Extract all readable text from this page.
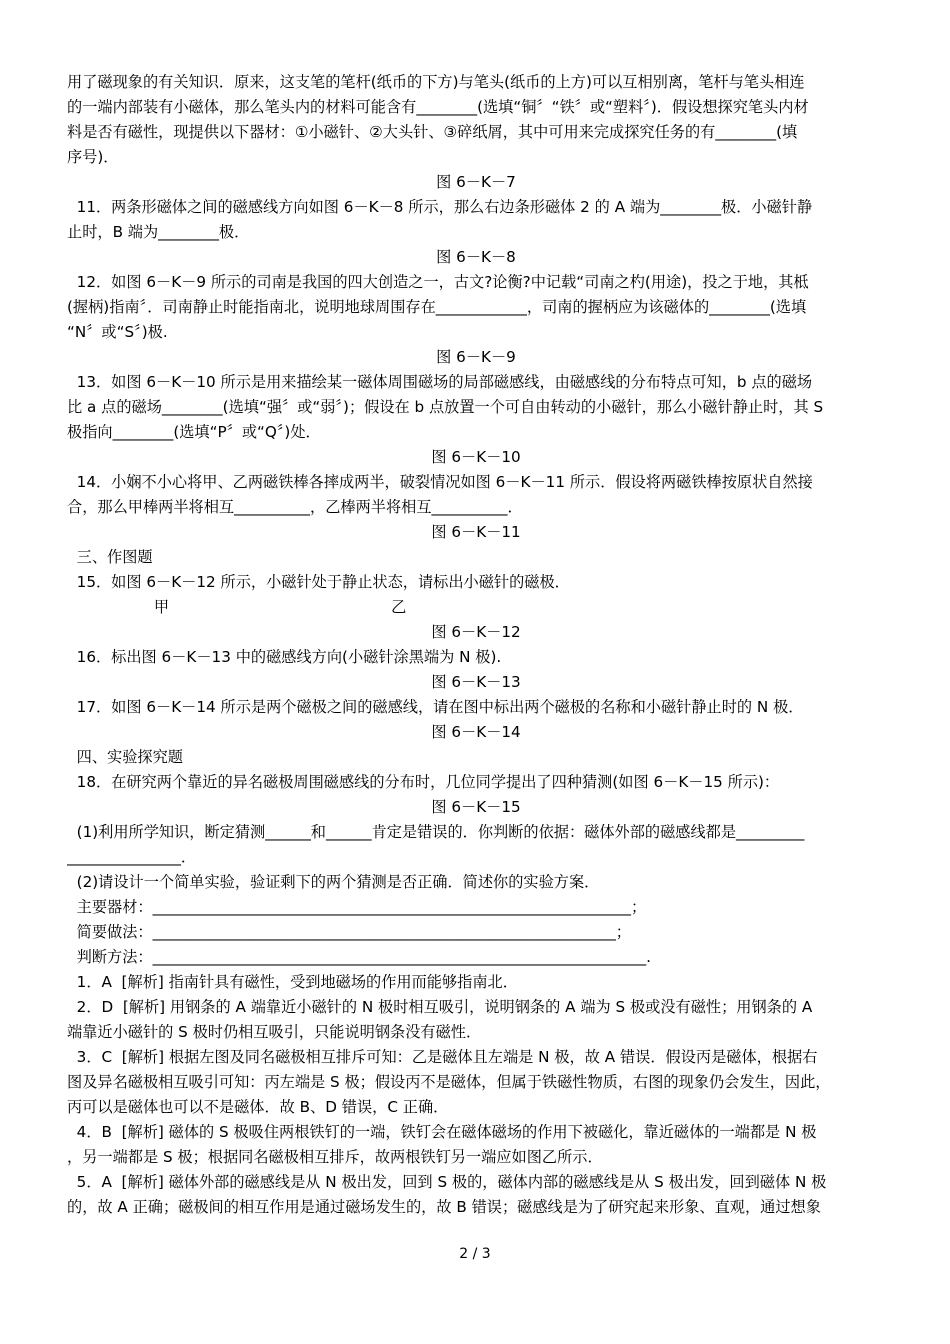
用了磁现象的有关知识．原来，这支笔的笔杆(纸币的下方)与笔头(纸币的上方)可以互相别离，笔杆与笔头相连
的一端内部装有小磁体，那么笔头内的材料可能含有________(选填“铜〞“铁〞或“塑料〞)．假设想探究笔头内材
料是否有磁性，现提供以下器材：①小磁针、②大头针、③碎纸屑，其中可用来完成探究任务的有________(填
序号)．
图 6－K－7
11．两条形磁体之间的磁感线方向如图 6－K－8 所示，那么右边条形磁体 2 的 A 端为________极．小磁针静
止时，B 端为________极．
图 6－K－8
12．如图 6－K－9 所示的司南是我国的四大创造之一，古文?论衡?中记载“司南之杓(用途)，投之于地，其柢
(握柄)指南〞．司南静止时能指南北，说明地球周围存在____________，司南的握柄应为该磁体的________(选填
“N〞或“S〞)极.
图 6－K－9
13．如图 6－K－10 所示是用来描绘某一磁体周围磁场的局部磁感线，由磁感线的分布特点可知，b 点的磁场
比 a 点的磁场________(选填“强〞或“弱〞)；假设在 b 点放置一个可自由转动的小磁针，那么小磁针静止时，其 S
极指向________(选填“P〞或“Q〞)处．
图 6－K－10
14．小娴不小心将甲、乙两磁铁棒各摔成两半，破裂情况如图 6－K－11 所示．假设将两磁铁棒按原状自然接
合，那么甲棒两半将相互__________，乙棒两半将相互__________．
图 6－K－11
三、作图题
15．如图 6－K－12 所示，小磁针处于静止状态，请标出小磁针的磁极．
甲                                              乙
图 6－K－12
16．标出图 6－K－13 中的磁感线方向(小磁针涂黑端为 N 极).
图 6－K－13
17．如图 6－K－14 所示是两个磁极之间的磁感线，请在图中标出两个磁极的名称和小磁针静止时的 N 极．
图 6－K－14
四、实验探究题
18．在研究两个靠近的异名磁极周围磁感线的分布时，几位同学提出了四种猜测(如图 6－K－15 所示)：
图 6－K－15
(1)利用所学知识，断定猜测______和______肯定是错误的．你判断的依据：磁体外部的磁感线都是_________
_______________．
(2)请设计一个简单实验，验证剩下的两个猜测是否正确．简述你的实验方案．
主要器材：_______________________________________________________________；
简要做法：_____________________________________________________________；
判断方法：_________________________________________________________________.
1．A  [解析] 指南针具有磁性，受到地磁场的作用而能够指南北．
2．D  [解析] 用钢条的 A 端靠近小磁针的 N 极时相互吸引，说明钢条的 A 端为 S 极或没有磁性；用钢条的 A
端靠近小磁针的 S 极时仍相互吸引，只能说明钢条没有磁性．
3．C  [解析] 根据左图及同名磁极相互排斥可知：乙是磁体且左端是 N 极，故 A 错误．假设丙是磁体，根据右
图及异名磁极相互吸引可知：丙左端是 S 极；假设丙不是磁体，但属于铁磁性物质，右图的现象仍会发生，因此，
丙可以是磁体也可以不是磁体．故 B、D 错误，C 正确．
4．B  [解析] 磁体的 S 极吸住两根铁钉的一端，铁钉会在磁体磁场的作用下被磁化，靠近磁体的一端都是 N 极
，另一端都是 S 极；根据同名磁极相互排斥，故两根铁钉另一端应如图乙所示．
5．A  [解析] 磁体外部的磁感线是从 N 极出发，回到 S 极的，磁体内部的磁感线是从 S 极出发，回到磁体 N 极
的，故 A 正确；磁极间的相互作用是通过磁场发生的，故 B 错误；磁感线是为了研究起来形象、直观，通过想象
2 / 3
